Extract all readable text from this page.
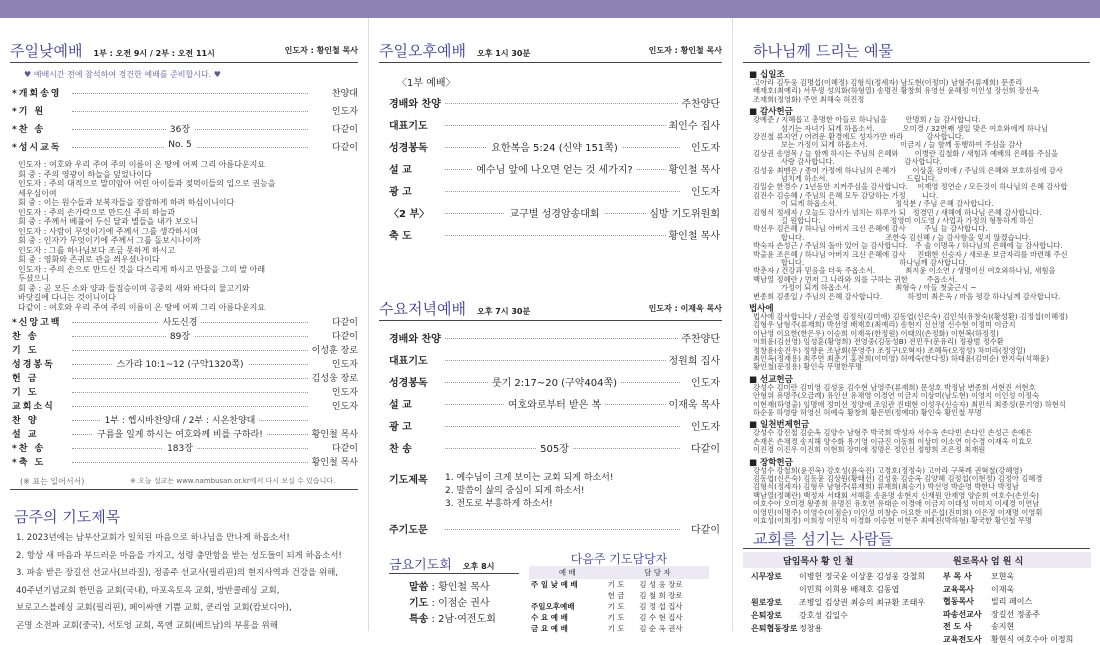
주일낮예배 1부 : 오전 9시 / 2부 : 오전 11시	인도자 : 황인철 목사
♥ 예배시간 전에 참석하여 경건한 예배를 준비합시다. ♥
인도자 : 여호와 우리 주여 주의 이름이 온 땅에 어찌 그리 아름다운지요
회 중 : 주의 영광이 하늘을 덮었나이다
인도자 : 주의 대적으로 말미암아 어린 아이들과 젖먹이들의 입으로 권능을
세우심이여
회 중 : 이는 원수들과 보복자들을 잠잠하게 하려 하심이니이다
인도자 : 주의 손가락으로 만드신 주의 하늘과
회 중 : 주께서 베풀어 두신 달과 별들을 내가 보오니
인도자 : 사람이 무엇이기에 주께서 그를 생각하시며
회 중 : 인자가 무엇이기에 주께서 그를 돌보시나이까
인도자 : 그를 하나님보다 조금 못하게 하시고
회 중 : 영화와 존귀로 관을 씌우셨나이다
인도자 : 주의 손으로 만드신 것을 다스리게 하시고 만물을 그의 발 아래
두셨으니
회 중 : 곧 모든 소와 양과 들짐승이며 공중의 새와 바다의 물고기와
바닷길에 다니는 것이니이다
다같이 : 여호와 우리 주여 주의 이름이 온 땅에 어찌 그리 아름다운지요
(※ 표는 일어서서)	※ 오늘 설교는 www.nambusan.or.kr에서 다시 보실 수 있습니다.
금주의 기도제목
*개회송영	찬양대
*기 원	인도자
*찬 송	36장	다같이
*성시교독	No. 5	다같이
*신앙고백	사도신경	다같이
찬 송	89장	다같이
기 도	이성훈 장로
성경봉독	스가랴 10:1~12 (구약1320쪽)	인도자
헌 금	김성웅 장로
기 도	인도자
교회소식	인도자
찬 양	1부 : 헵시바찬양대 / 2부 : 시온찬양대
설 교	구름을 일게 하시는 여호와께 비를 구하라!	황인철 목사
*찬 송	183장	다같이
*축 도	황인철 목사
1. 2023년에는 남부산교회가 일치된 마음으로 하나님을 만나게 하옵소서!
2. 항상 새 마음과 부드러운 마음을 가지고, 성령 충만함을 받는 성도들이 되게 하옵소서!
3. 파송 받은 장길선 선교사(브라질), 정종주 선교사(필리핀)의 현지사역과 건강을 위해,
40주년기념교회 한민음 교회(국내), 마포옥토옥 교회, 방반콜레싱 교회,
보로고스블레싱 교회(필리핀), 페이싸앤 기쁨 교회, 쿤리엄 교회(캄보디아),
곤명 소전파 교회(중국), 서토엉 교회, 폭앤 교회(베트남)의 부흥을 위해
주일오후예배 오후 1시 30분	인도자 : 황인철 목사
〈1부 예배〉
수요저녁예배 오후 7시 30분	인도자 : 이재욱 목사
기도제목
주기도문	다같이
금요기도회 오후 8시
다음주 기도담당자
경배와 찬양	주찬양단
대표기도	최인수 집사
성경봉독	요한복음 5:24 (신약 151쪽)	인도자
설 교	예수님 앞에 나오면 얻는 것 세가지?	황인철 목사
광 고	인도자
〈2 부〉	교구별 성경암송대회	심방 기도위원회
축 도	황인철 목사
경배와 찬양	주찬양단
대표기도	정원희 집사
성경봉독	룻기 2:17~20 (구약404쪽)	인도자
설 교	여호와로부터 받은 복	이재욱 목사
광 고	인도자
찬 송	505장	다같이
1. 예수님이 크게 보이는 교회 되게 하소서!
2. 말씀이 삶의 중심이 되게 하소서!
3. 전도로 부흥하게 하소서!
말씀 : 황인철 목사
기도 : 이점순 권사
특송 : 2남·여전도회
예 배	담 당 자	
주 일 낮 예 배	기 도	김 성 웅 장로
	헌 금	김 철 희 장로
주일오후예배	기 도	김 정 섭 집사
수 요 예 배	기 도	김 수 현 집사
금 요 예 배	기 도	김 순 옥 권사
하나님께 드리는 예물
■ 십일조
고아라 김두웅 김명섭(이혜정) 김형식(정세자) 남도현(이정미) 남형주(류재희) 문종리
배재호(최예리) 서무생 성의화(하형열) 송명진 황창희 유영선 윤혜정 이인성 장선희 장선옥
조재희(정영화) 주연 최해숙 허진정
■ 감사헌금
강예준 / 지혜롭고 총명한 아들로 하나님을        안명희 / 늘 감사합니다.
섬기는 자녀가 되게 하옵소서.            오미경 / 32번째 생일 맞은 여호와에게 하나님
강진철 류지연 / 어려운 환경에도 성자가만 바라          감사합니다.
보는 가정이 되게 하옵소서.              이금지 / 늘 함께 동행하여 주심을 감사
김상권 송영목 / 늘 함께 하시는 주님의 은혜와       이병란 김철화 / 새힘과 예배의 은혜를 주심을
사랑 감사합니다.                              감사합니다.
김성웅 최맨은 / 종미 가정에 하나님의 은혜가       이상훈 장미애 / 주님의 은혜와 보호하심에 감사
넘치게 하소서.                                  드립니다.
김일순 한경수 / 1년동안 지켜주심을 감사합니다.    이재영 정연순 / 모든것이 하나님의 은혜 감사합
김진수 김승혜 / 주님의 은혜 모두 감당하는 가정       니다.
이 되게 하옵소서.                         정석분 / 주님 은혜 감사합니다.
김형식 정세자 / 오늘도 감사가 넘치는 하루가 되   정경민 / 새해에 하나님 은혜 감사합니다.
길 원합니다.                              정영미 이도영 / 사업과 가정의 형통하게 하신
박선우 김은혜 / 하나님 아버지 크신 은혜에 감사        주님 늘 감사합니다.
합니다.                                   조한숙 김신혜 / 늘 감사함을 잊지 않겠습니다.
박숙자 손성근 / 주님의 돌아 있어 늘 감사합니다.   주 술 이명옥 / 하나님의 은혜에 늘 감사합니다.
박출윤 조은혜 / 하나님 아버지 크신 은혜에 감사     진태현 신승자 / 새로운 보금자리를 마련해 주신
합니다.                                         하나님께 감사합니다.
박춘자 / 건강과 믿음을 더욱 주옵소서.             최지윤 이소연 / 생명이신 여호와하나님, 새힘을
백남열 정혜란 / 먼저 그 나라와 의를 구하는 귀한        주옵소서.
가정이 되게 하옵소서.                   최형숙 / 아들 첫출근시 ~
변종희 김종일 / 주님의 은혜 감사합니다.           하정미 최은옥 / 마음 평강 하나님께 감사합니다.
법사에
법사에 감사합니다 / 권순영 김정식(김미애) 김동엽(신은숙) 김인석(유창숙)(황성환) 김정섭(이혜정)
김형우 남형주(류재희) 박선영 배재호(최예리) 송현지 신선영 신수현 이정미 이금지
이난영 이요한(한은우) 이승희 이재욱(한정원) 이태의(손정화) 이현복(하정정)
이희윤(김선영) 임성훈(황영희) 전영중(김동성B) 전민우(문유리) 정광범 정수환
정창윤(송진우) 정향운 조남회(문영주) 조정구(오혁자) 조혜득(오정성) 차미라(정영일)
최인옥(정재용) 최주연 최춘기 홍전희(이미영) 허예숙(한다정) 하태윤(김미순) 한지숙(석해윤)
황인철(문정용) 황인숙 무명한무명
■ 선교헌금
강성수 김미란 김미영 김성웅 김수현 남영주(류재희) 문성호 박정남 변종희 서현진 서현호
안형위 유명주(오금례) 유인선 유채영 이경연 이금지 이상미(남도현) 이영지 이인성 이정숙
이현재(하영출) 임명애 정미선 정양애 조임관 진태현 이성우(신승자) 최민식 최종성(문기영) 하현석
하순웅 하영랑 허영신 허예숙 황창희 황은빈(정예대) 황인숙 황인철 무명
■ 일천번제헌금
강성수 강진철 김순옥 김양수 남형주 박국희 박성자 서수옥 손다빈 손다인 손성근 손예은
손재은 손채경 송지해 양수화 유기영 이규진 이동희 이상미 이소연 이수경 이재욱 이효오
이진경 이진우 이진희 이현희 장미애 정명은 정인선 정향희 조은정 최재원
■ 장학헌금
강성수 강철희(윤진옥) 강호성(윤숙진) 고경호(정정숙) 고아라 구복례 권혁철(강혜영)
김동엽(신은숙) 김동윤 김상원(황태선) 김성웅 김순옥 김양혜 김정섭(이현정) 김정아 김혜경
김형식(정세자) 김형우 남형주(류재희) 류재희(최승기) 박선영 박순영 박한나 박정남
백남열(정혜란) 백정자 서태회 서해훈 송윤명 송현지 신재원 안재영 양순희 여호수(손인숙)
여호수아 오미경 왕종희 유명진 유호연 유태순 이경애 이금지 이대성 이미지 이세경 이연남
이영민(이명주) 이영수(이점순) 이인성 이창순 이요한 이은섭(진미희) 이은정 이재명 이영휘
이효성(이희정) 이희정 이민석 이경화 이승현 이현주 최예진(박하형) 황국한 황인철 무명
교회를 섬기는 사람들
담임목사 황 인 철	원로목사 엄 원 식
시무장로 이병헌 정국윤 이상훈 김성웅 강철희
이민희 이희용 배재호 김동엽
원로장로 조병일 김상권 최승의 최규환 조태우
은퇴장로 강호성 김일수
은퇴협동장로 정창용
부 목 사 모현욱
교육목사 이재욱
협동목사 빌리 페이스
파송선교사 장길선 정종주
전 도 사 송지현
교육전도사 황현식 여호수아 이정희
